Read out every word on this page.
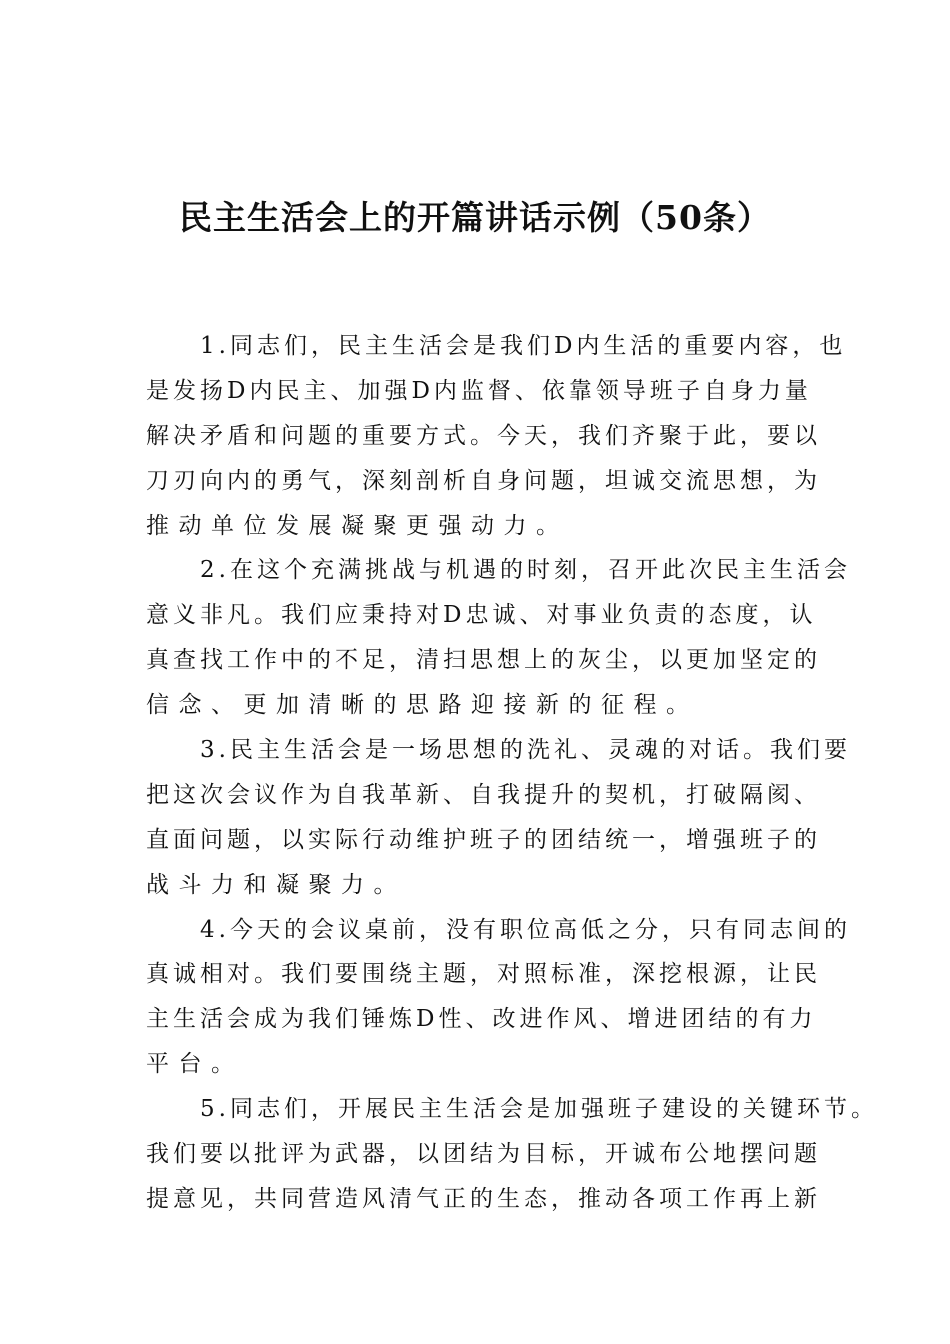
民主生活会上的开篇讲话示例（50条）
1.同志们，民主生活会是我们D内生活的重要内容，也
是发扬D内民主、加强D内监督、依靠领导班子自身力量
解决矛盾和问题的重要方式。今天，我们齐聚于此，要以
刀刃向内的勇气，深刻剖析自身问题，坦诚交流思想，为
推动单位发展凝聚更强动力。
2.在这个充满挑战与机遇的时刻，召开此次民主生活会
意义非凡。我们应秉持对D忠诚、对事业负责的态度，认
真查找工作中的不足，清扫思想上的灰尘，以更加坚定的
信念、更加清晰的思路迎接新的征程。
3.民主生活会是一场思想的洗礼、灵魂的对话。我们要
把这次会议作为自我革新、自我提升的契机，打破隔阂、
直面问题，以实际行动维护班子的团结统一，增强班子的
战斗力和凝聚力。
4.今天的会议桌前，没有职位高低之分，只有同志间的
真诚相对。我们要围绕主题，对照标准，深挖根源，让民
主生活会成为我们锤炼D性、改进作风、增进团结的有力
平台。
5.同志们，开展民主生活会是加强班子建设的关键环节。
我们要以批评为武器，以团结为目标，开诚布公地摆问题
提意见，共同营造风清气正的生态，推动各项工作再上新
